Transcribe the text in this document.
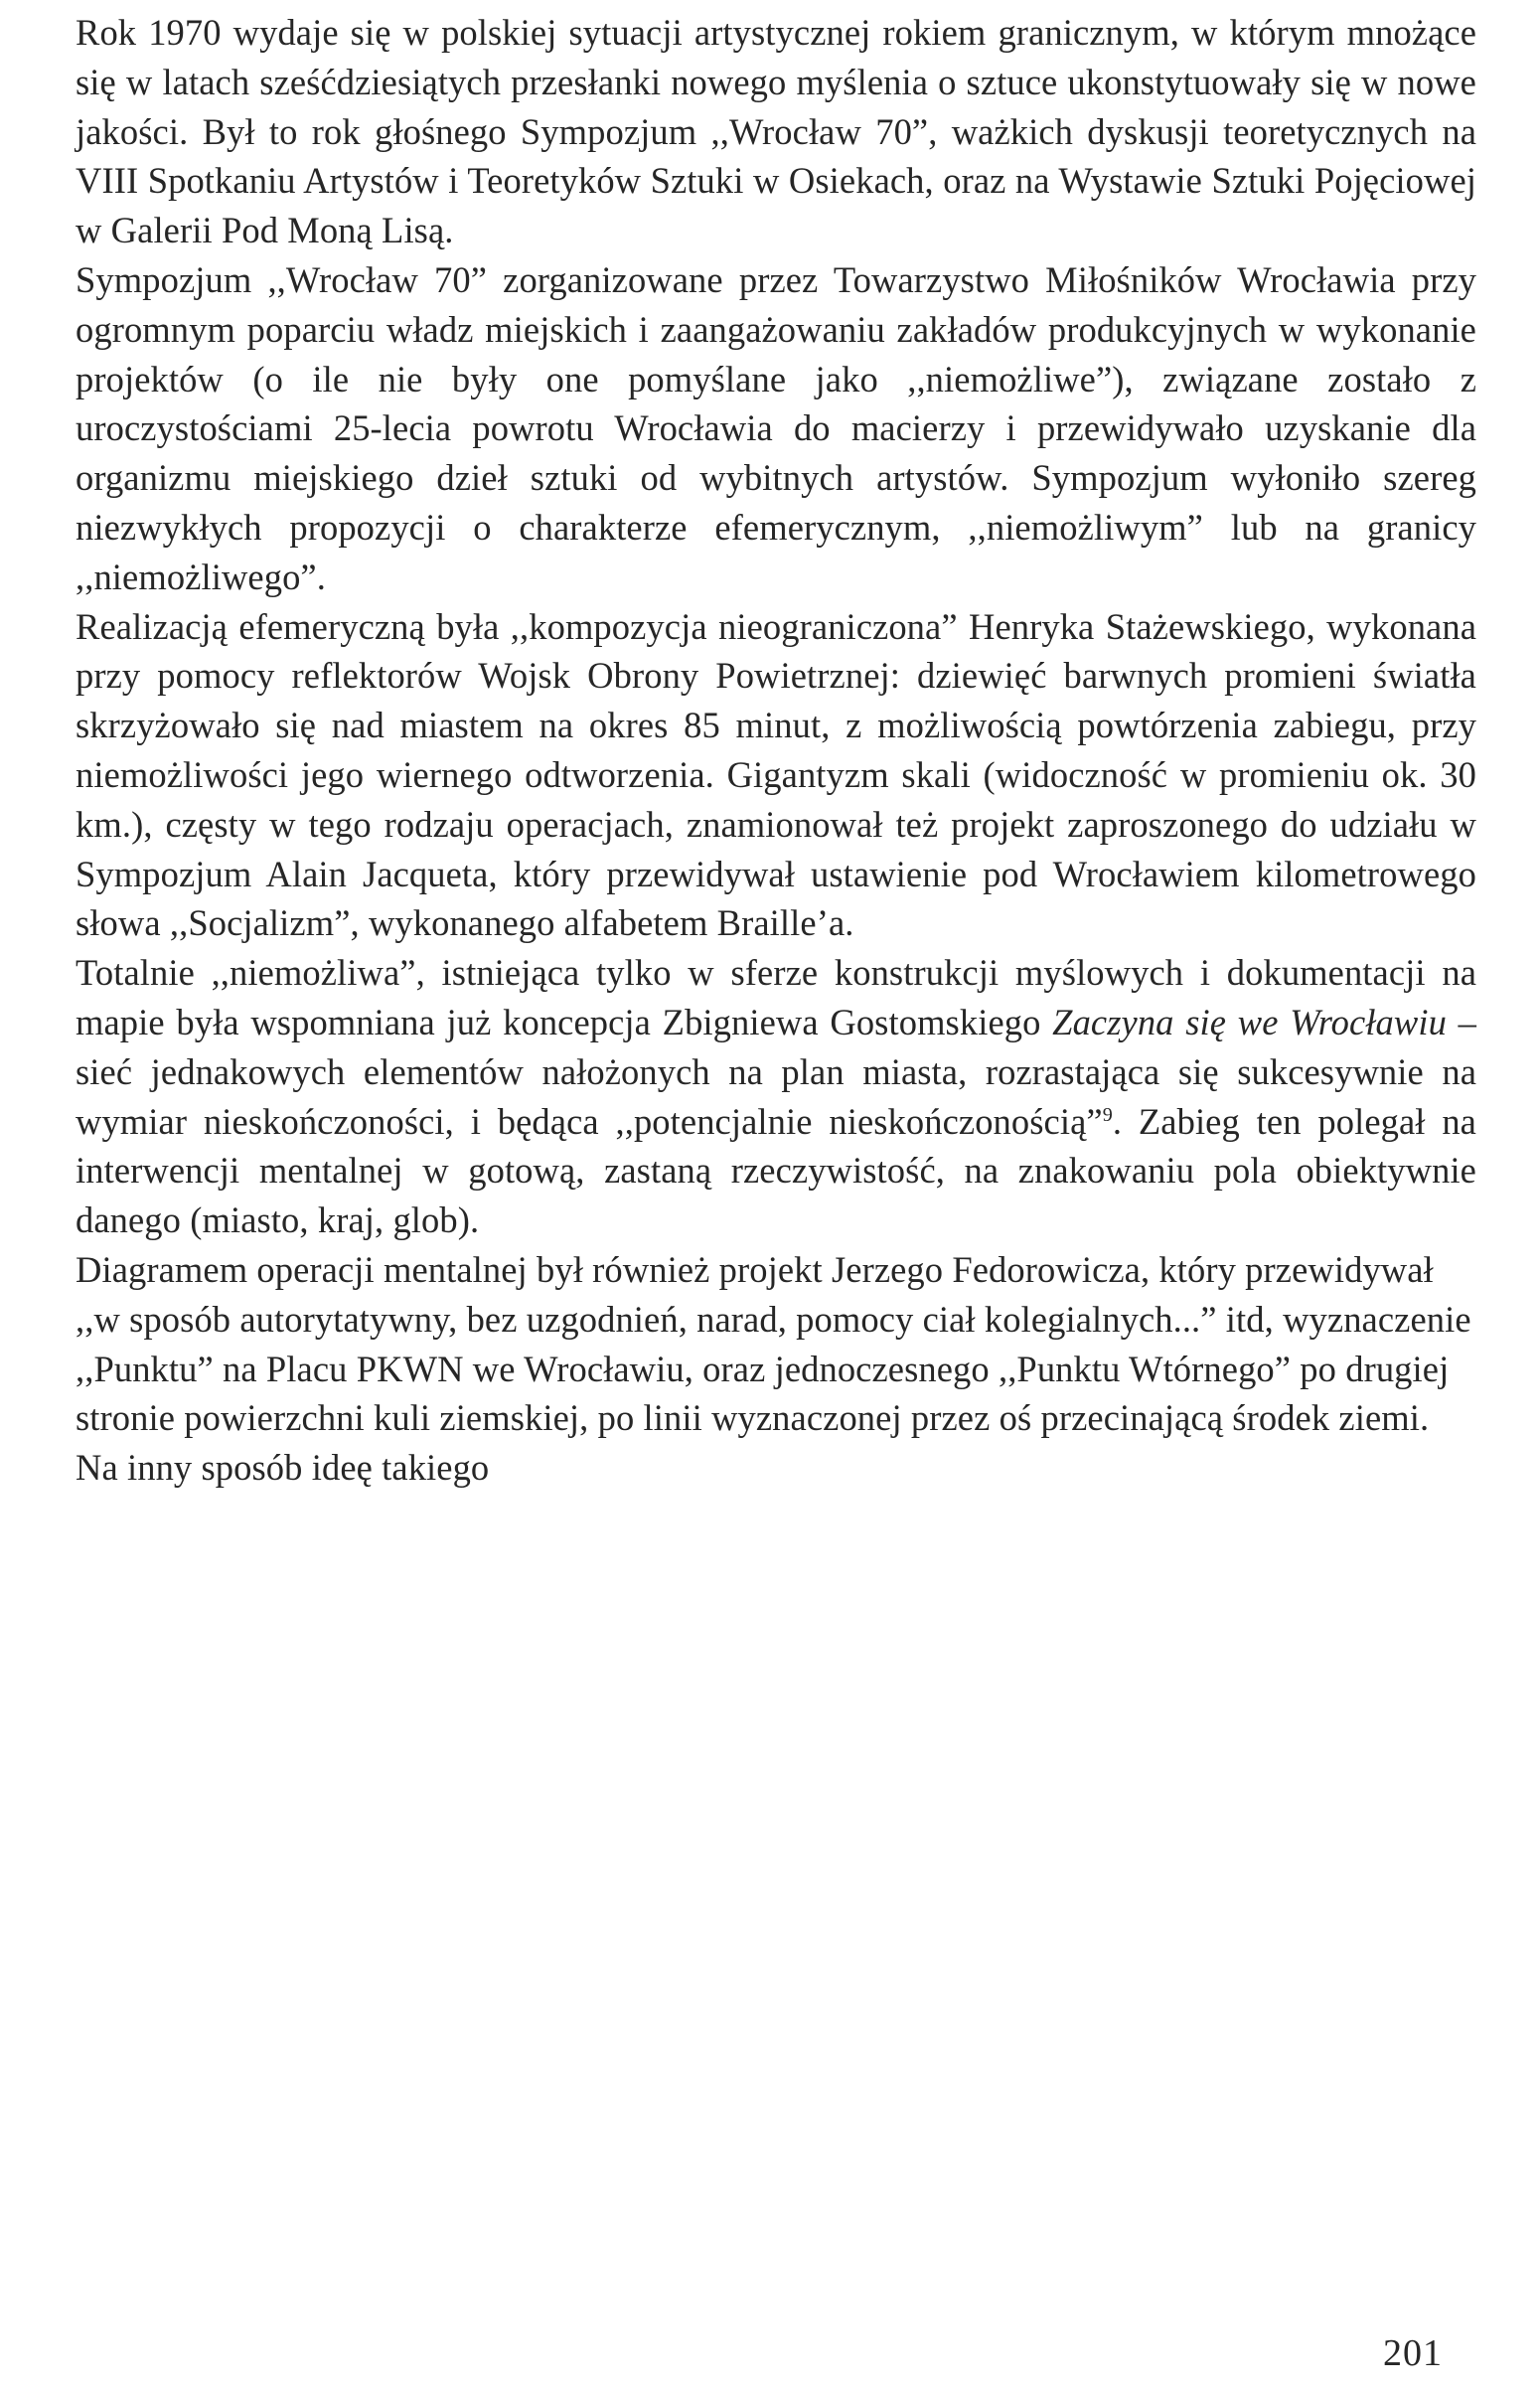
Rok 1970 wydaje się w polskiej sytuacji artystycznej rokiem granicznym, w którym mnożące się w latach sześćdziesiątych przesłanki nowego myślenia o sztuce ukonstytuowały się w nowe jakości. Był to rok głośnego Sympozjum ,,Wrocław 70”, ważkich dyskusji teoretycznych na VIII Spotkaniu Artystów i Teoretyków Sztuki w Osiekach, oraz na Wystawie Sztuki Pojęciowej w Galerii Pod Moną Lisą.

Sympozjum ,,Wrocław 70” zorganizowane przez Towarzystwo Miłośników Wrocławia przy ogromnym poparciu władz miejskich i zaangażowaniu zakładów produkcyjnych w wykonanie projektów (o ile nie były one pomyślane jako ,,niemożliwe”), związane zostało z uroczystościami 25-lecia powrotu Wrocławia do macierzy i przewidywało uzyskanie dla organizmu miejskiego dzieł sztuki od wybitnych artystów. Sympozjum wyłoniło szereg niezwykłych propozycji o charakterze efemerycznym, ,,niemożliwym” lub na granicy ,,niemożliwego”.

Realizacją efemeryczną była ,,kompozycja nieograniczona” Henryka Stażewskiego, wykonana przy pomocy reflektorów Wojsk Obrony Powietrznej: dziewięć barwnych promieni światła skrzyżowało się nad miastem na okres 85 minut, z możliwością powtórzenia zabiegu, przy niemożliwości jego wiernego odtworzenia. Gigantyzm skali (widoczność w promieniu ok. 30 km.), częsty w tego rodzaju operacjach, znamionował też projekt zaproszonego do udziału w Sympozjum Alain Jacqueta, który przewidywał ustawienie pod Wrocławiem kilometrowego słowa ,,Socjalizm”, wykonanego alfabetem Braille’a.

Totalnie ,,niemożliwa”, istniejąca tylko w sferze konstrukcji myślowych i dokumentacji na mapie była wspomniana już koncepcja Zbigniewa Gostomskiego Zaczyna się we Wrocławiu – sieć jednakowych elementów nałożonych na plan miasta, rozrastająca się sukcesywnie na wymiar nieskończoności, i będąca ,,potencjalnie nieskończonością”$^9$. Zabieg ten polegał na interwencji mentalnej w gotową, zastaną rzeczywistość, na znakowaniu pola obiektywnie danego (miasto, kraj, glob).

Diagramem operacji mentalnej był również projekt Jerzego Fedorowicza, który przewidywał ,,w sposób autorytatywny, bez uzgodnień, narad, pomocy ciał kolegialnych...” itd, wyznaczenie ,,Punktu” na Placu PKWN we Wrocławiu, oraz jednoczesnego ,,Punktu Wtórnego” po drugiej stronie powierzchni kuli ziemskiej, po linii wyznaczonej przez oś przecinającą środek ziemi. Na inny sposób ideę takiego

201
